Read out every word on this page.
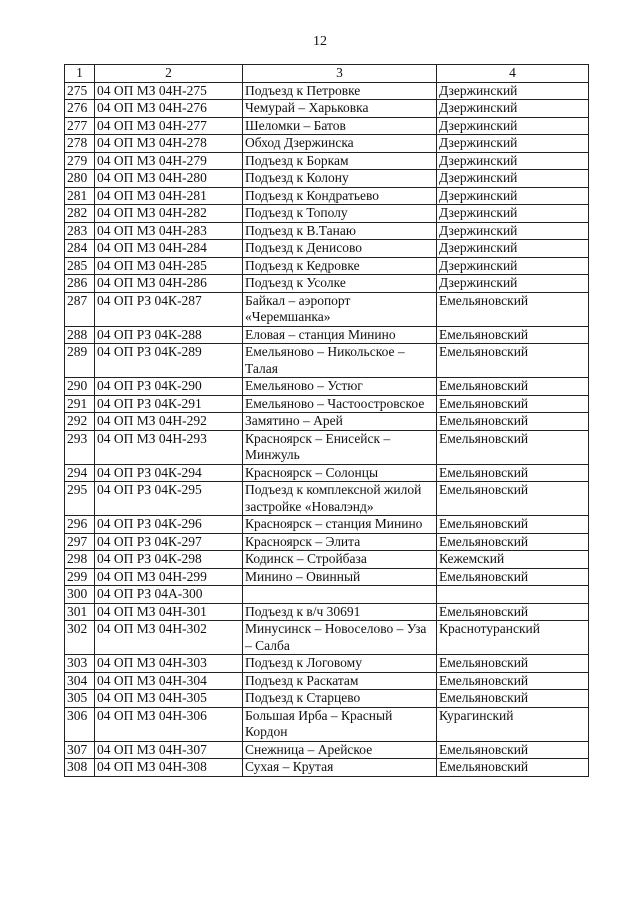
12
1	2	3	4
275	04 ОП МЗ 04Н-275	Подъезд к Петровке	Дзержинский
276	04 ОП МЗ 04Н-276	Чемурай – Харьковка	Дзержинский
277	04 ОП МЗ 04Н-277	Шеломки – Батов	Дзержинский
278	04 ОП МЗ 04Н-278	Обход Дзержинска	Дзержинский
279	04 ОП МЗ 04Н-279	Подъезд к Боркам	Дзержинский
280	04 ОП МЗ 04Н-280	Подъезд к Колону	Дзержинский
281	04 ОП МЗ 04Н-281	Подъезд к Кондратьево	Дзержинский
282	04 ОП МЗ 04Н-282	Подъезд к Тополу	Дзержинский
283	04 ОП МЗ 04Н-283	Подъезд к В.Танаю	Дзержинский
284	04 ОП МЗ 04Н-284	Подъезд к Денисово	Дзержинский
285	04 ОП МЗ 04Н-285	Подъезд к Кедровке	Дзержинский
286	04 ОП МЗ 04Н-286	Подъезд к Усолке	Дзержинский
287	04 ОП РЗ 04К-287	Байкал – аэропорт «Черемшанка»	Емельяновский
288	04 ОП РЗ 04К-288	Еловая – станция Минино	Емельяновский
289	04 ОП РЗ 04К-289	Емельяново – Никольское – Талая	Емельяновский
290	04 ОП РЗ 04К-290	Емельяново – Устюг	Емельяновский
291	04 ОП РЗ 04К-291	Емельяново – Частоостровское	Емельяновский
292	04 ОП МЗ 04Н-292	Замятино – Арей	Емельяновский
293	04 ОП МЗ 04Н-293	Красноярск – Енисейск – Минжуль	Емельяновский
294	04 ОП РЗ 04К-294	Красноярск – Солонцы	Емельяновский
295	04 ОП РЗ 04К-295	Подъезд к комплексной жилой застройке «Новалэнд»	Емельяновский
296	04 ОП РЗ 04К-296	Красноярск – станция Минино	Емельяновский
297	04 ОП РЗ 04К-297	Красноярск – Элита	Емельяновский
298	04 ОП РЗ 04К-298	Кодинск – Стройбаза	Кежемский
299	04 ОП МЗ 04Н-299	Минино – Овинный	Емельяновский
300	04 ОП РЗ 04А-300		
301	04 ОП МЗ 04Н-301	Подъезд к в/ч 30691	Емельяновский
302	04 ОП МЗ 04Н-302	Минусинск – Новоселово – Уза – Салба	Краснотуранский
303	04 ОП МЗ 04Н-303	Подъезд к Логовому	Емельяновский
304	04 ОП МЗ 04Н-304	Подъезд к Раскатам	Емельяновский
305	04 ОП МЗ 04Н-305	Подъезд к Старцево	Емельяновский
306	04 ОП МЗ 04Н-306	Большая Ирба – Красный Кордон	Курагинский
307	04 ОП МЗ 04Н-307	Снежница – Арейское	Емельяновский
308	04 ОП МЗ 04Н-308	Сухая – Крутая	Емельяновский
